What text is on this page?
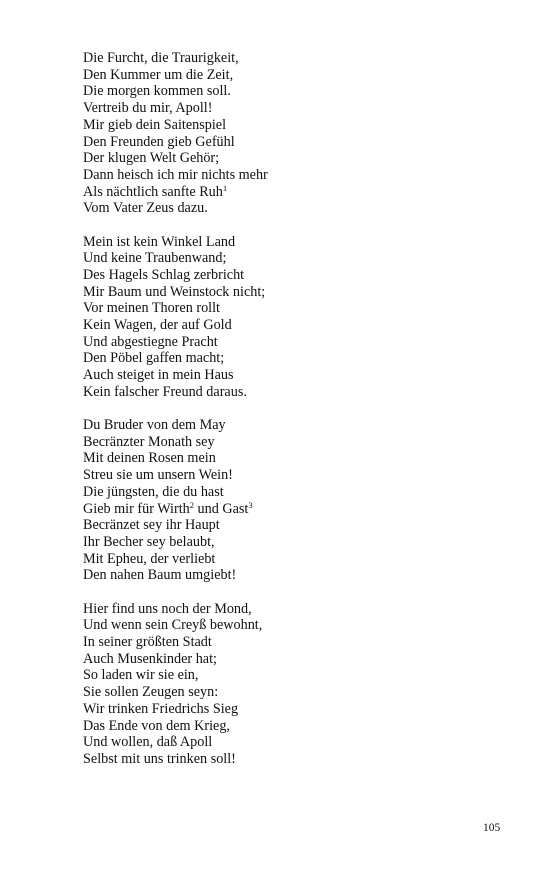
Die Furcht, die Traurigkeit,
Den Kummer um die Zeit,
Die morgen kommen soll.
Vertreib du mir, Apoll!
Mir gieb dein Saitenspiel
Den Freunden gieb Gefühl
Der klugen Welt Gehör;
Dann heisch ich mir nichts mehr
Als nächtlich sanfte Ruh$^1$
Vom Vater Zeus dazu.
Mein ist kein Winkel Land
Und keine Traubenwand;
Des Hagels Schlag zerbricht
Mir Baum und Weinstock nicht;
Vor meinen Thoren rollt
Kein Wagen, der auf Gold
Und abgestiegne Pracht
Den Pöbel gaffen macht;
Auch steiget in mein Haus
Kein falscher Freund daraus.
Du Bruder von dem May
Becränzter Monath sey
Mit deinen Rosen mein
Streu sie um unsern Wein!
Die jüngsten, die du hast
Gieb mir für Wirth$^2$ und Gast$^3$
Becränzet sey ihr Haupt
Ihr Becher sey belaubt,
Mit Epheu, der verliebt
Den nahen Baum umgiebt!
Hier find uns noch der Mond,
Und wenn sein Creyß bewohnt,
In seiner größten Stadt
Auch Musenkinder hat;
So laden wir sie ein,
Sie sollen Zeugen seyn:
Wir trinken Friedrichs Sieg
Das Ende von dem Krieg,
Und wollen, daß Apoll
Selbst mit uns trinken soll!
105
